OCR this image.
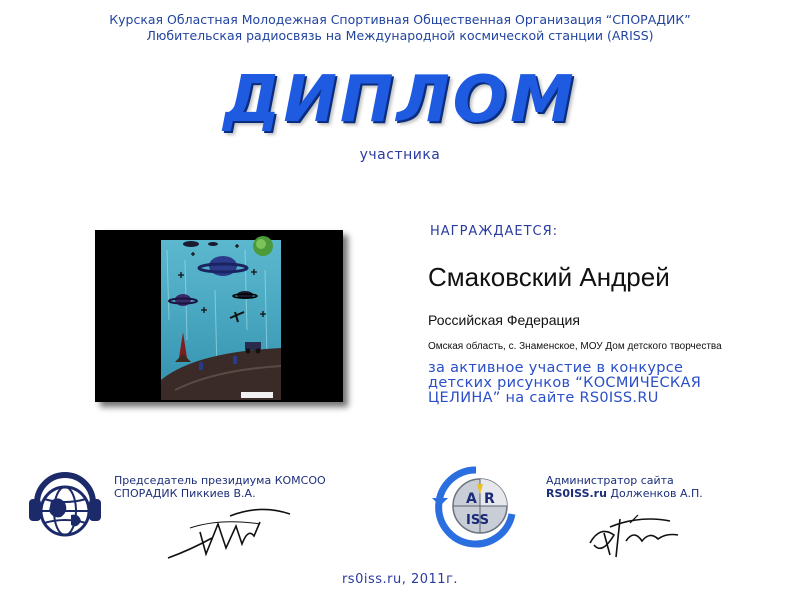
Курская Областная Молодежная Спортивная Общественная Организация “СПОРАДИК”
Любительская радиосвязь на Международной космической станции (ARISS)
ДИПЛОМ
участника
НАГРАЖДАЕТСЯ:
Смаковский Андрей
Российская Федерация
Омская область, с. Знаменское, МОУ Дом детского творчества
за активное участие в конкурсе
детских рисунков “КОСМИЧЕСКАЯ
ЦЕЛИНА” на сайте RS0ISS.RU
Председатель президиума КОМСОО
СПОРАДИК Пиккиев В.А.	A R
ISS
Администратор сайта
RS0ISS.ru Долженков А.П.
rs0iss.ru, 2011г.
